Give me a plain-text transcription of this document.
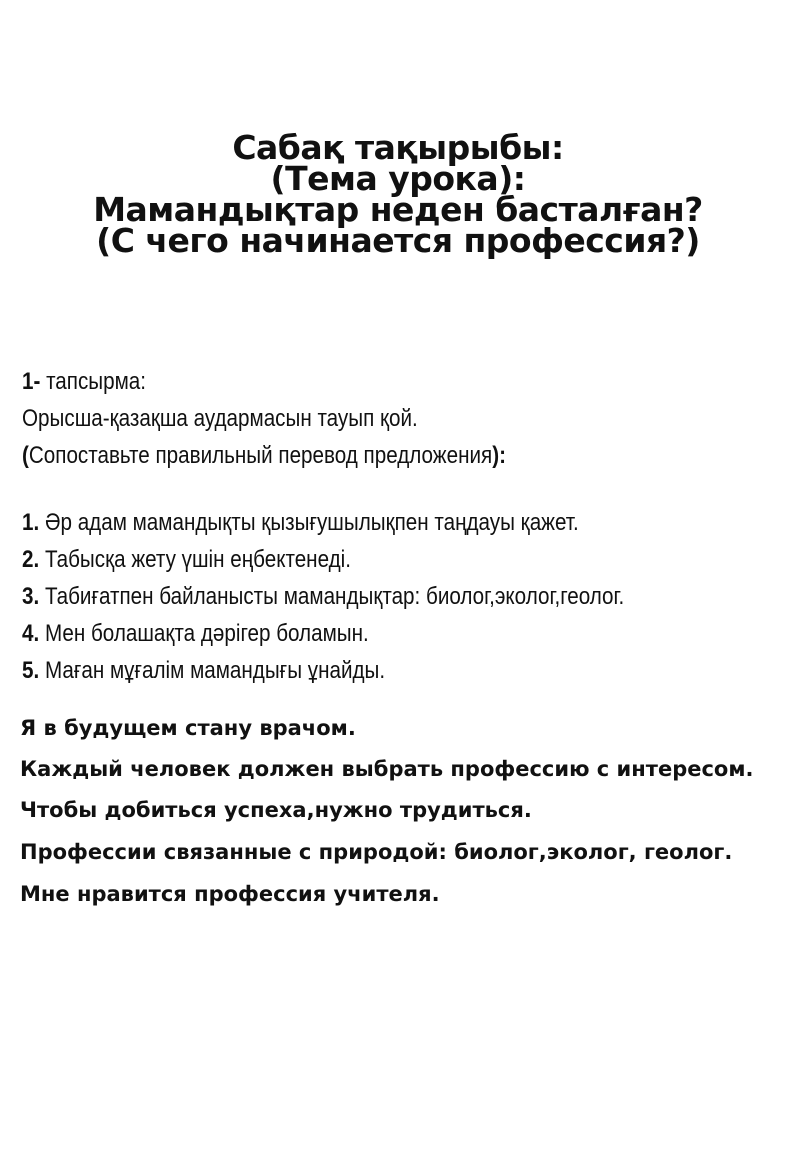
Сабақ тақырыбы:
(Тема урока):
Мамандықтар неден басталған?
(С чего начинается профессия?)
1- тапсырма:
Орысша-қазақша аудармасын тауып қой.
(Сопоставьте правильный перевод предложения):
1. Әр адам мамандықты қызығушылықпен таңдауы қажет.
2. Табысқа жету үшін еңбектенеді.
3. Табиғатпен байланысты мамандықтар: биолог,эколог,геолог.
4. Мен болашақта дәрігер боламын.
5. Маған мұғалім мамандығы ұнайды.
Я в будущем стану врачом.
Каждый человек должен выбрать профессию с интересом.
Чтобы добиться успеха,нужно трудиться.
Профессии связанные с природой: биолог,эколог, геолог.
Мне нравится профессия учителя.
